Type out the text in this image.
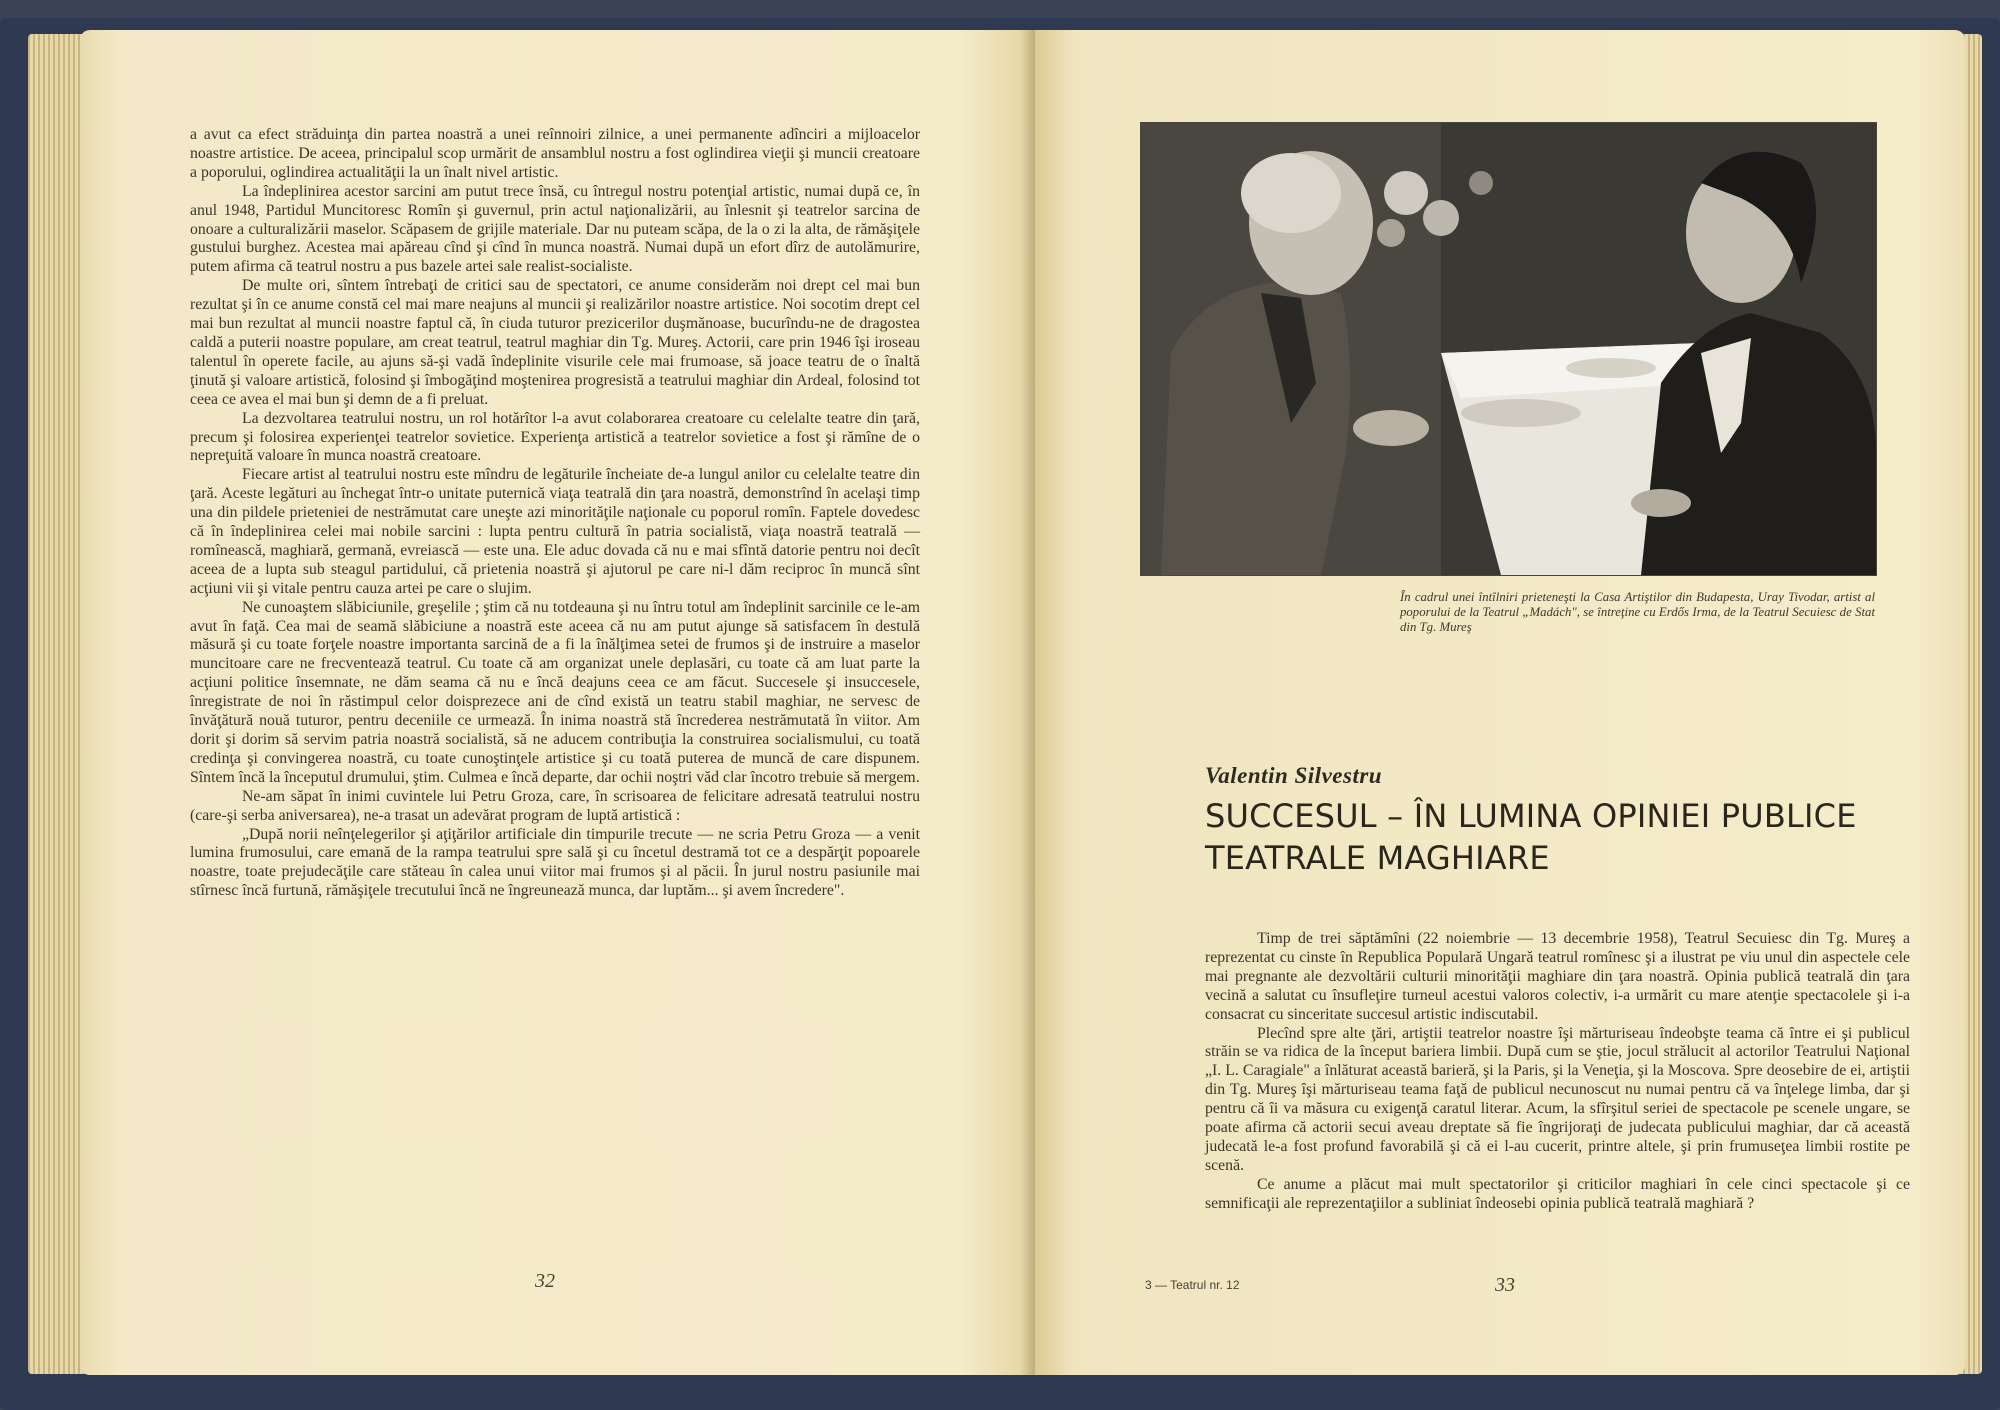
a avut ca efect străduinţa din partea noastră a unei reînnoiri zilnice, a unei permanente adînciri a mijloacelor noastre artistice. De aceea, principalul scop urmărit de ansamblul nostru a fost oglindirea vieţii şi muncii creatoare a poporului, oglindirea actualităţii la un înalt nivel artistic.

La îndeplinirea acestor sarcini am putut trece însă, cu întregul nostru potenţial artistic, numai după ce, în anul 1948, Partidul Muncitoresc Romîn şi guvernul, prin actul naţionalizării, au înlesnit şi teatrelor sarcina de onoare a culturalizării maselor. Scăpasem de grijile materiale. Dar nu puteam scăpa, de la o zi la alta, de rămăşiţele gustului burghez. Acestea mai apăreau cînd şi cînd în munca noastră. Numai după un efort dîrz de autolămurire, putem afirma că teatrul nostru a pus bazele artei sale realist-socialiste.

De multe ori, sîntem întrebaţi de critici sau de spectatori, ce anume considerăm noi drept cel mai bun rezultat şi în ce anume constă cel mai mare neajuns al muncii şi realizărilor noastre artistice. Noi socotim drept cel mai bun rezultat al muncii noastre faptul că, în ciuda tuturor prezicerilor duşmănoase, bucurîndu-ne de dragostea caldă a puterii noastre populare, am creat teatrul, teatrul maghiar din Tg. Mureş. Actorii, care prin 1946 îşi iroseau talentul în operete facile, au ajuns să-şi vadă îndeplinite visurile cele mai frumoase, să joace teatru de o înaltă ţinută şi valoare artistică, folosind şi îmbogăţind moştenirea progresistă a teatrului maghiar din Ardeal, folosind tot ceea ce avea el mai bun şi demn de a fi preluat.

La dezvoltarea teatrului nostru, un rol hotărîtor l-a avut colaborarea creatoare cu celelalte teatre din ţară, precum şi folosirea experienţei teatrelor sovietice. Experienţa artistică a teatrelor sovietice a fost şi rămîne de o nepreţuită valoare în munca noastră creatoare.

Fiecare artist al teatrului nostru este mîndru de legăturile încheiate de-a lungul anilor cu celelalte teatre din ţară. Aceste legături au închegat într-o unitate puternică viaţa teatrală din ţara noastră, demonstrînd în acelaşi timp una din pildele prieteniei de nestrămutat care uneşte azi minorităţile naţionale cu poporul romîn. Faptele dovedesc că în îndeplinirea celei mai nobile sarcini : lupta pentru cultură în patria socialistă, viaţa noastră teatrală — romînească, maghiară, germană, evreiască — este una. Ele aduc dovada că nu e mai sfîntă datorie pentru noi decît aceea de a lupta sub steagul partidului, că prietenia noastră şi ajutorul pe care ni-l dăm reciproc în muncă sînt acţiuni vii şi vitale pentru cauza artei pe care o slujim.

Ne cunoaştem slăbiciunile, greşelile ; ştim că nu totdeauna şi nu întru totul am îndeplinit sarcinile ce le-am avut în faţă. Cea mai de seamă slăbiciune a noastră este aceea că nu am putut ajunge să satisfacem în destulă măsură şi cu toate forţele noastre importanta sarcină de a fi la înălţimea setei de frumos şi de instruire a maselor muncitoare care ne frecventează teatrul. Cu toate că am organizat unele deplasări, cu toate că am luat parte la acţiuni politice însemnate, ne dăm seama că nu e încă deajuns ceea ce am făcut. Succesele şi insuccesele, înregistrate de noi în răstimpul celor doisprezece ani de cînd există un teatru stabil maghiar, ne servesc de învăţătură nouă tuturor, pentru deceniile ce urmează. În inima noastră stă încrederea nestrămutată în viitor. Am dorit şi dorim să servim patria noastră socialistă, să ne aducem contribuţia la construirea socialismului, cu toată credinţa şi convingerea noastră, cu toate cunoştinţele artistice şi cu toată puterea de muncă de care dispunem. Sîntem încă la începutul drumului, ştim. Culmea e încă departe, dar ochii noştri văd clar încotro trebuie să mergem.

Ne-am săpat în inimi cuvintele lui Petru Groza, care, în scrisoarea de felicitare adresată teatrului nostru (care-şi serba aniversarea), ne-a trasat un adevărat program de luptă artistică :

„După norii neînţelegerilor şi aţiţărilor artificiale din timpurile trecute — ne scria Petru Groza — a venit lumina frumosului, care emană de la rampa teatrului spre sală şi cu încetul destramă tot ce a despărţit popoarele noastre, toate prejudecăţile care stăteau în calea unui viitor mai frumos şi al păcii. În jurul nostru pasiunile mai stîrnesc încă furtună, rămăşiţele trecutului încă ne îngreunează munca, dar luptăm... şi avem încredere".

32
În cadrul unei întîlniri prieteneşti la Casa Artiştilor din Budapesta, Uray Tivodar, artist al poporului de la Teatrul „Madách", se întreţine cu Erdős Irma, de la Teatrul Secuiesc de Stat din Tg. Mureş
Valentin Silvestru
SUCCESUL – ÎN LUMINA OPINIEI PUBLICE TEATRALE MAGHIARE

Timp de trei săptămîni (22 noiembrie — 13 decembrie 1958), Teatrul Secuiesc din Tg. Mureş a reprezentat cu cinste în Republica Populară Ungară teatrul romînesc şi a ilustrat pe viu unul din aspectele cele mai pregnante ale dezvoltării culturii minorităţii maghiare din ţara noastră. Opinia publică teatrală din ţara vecină a salutat cu însufleţire turneul acestui valoros colectiv, i-a urmărit cu mare atenţie spectacolele şi i-a consacrat cu sinceritate succesul artistic indiscutabil.

Plecînd spre alte ţări, artiştii teatrelor noastre îşi mărturiseau îndeobşte teama că între ei şi publicul străin se va ridica de la început bariera limbii. După cum se ştie, jocul strălucit al actorilor Teatrului Naţional „I. L. Caragiale" a înlăturat această barieră, şi la Paris, şi la Veneţia, şi la Moscova. Spre deosebire de ei, artiştii din Tg. Mureş îşi mărturiseau teama faţă de publicul necunoscut nu numai pentru că va înţelege limba, dar şi pentru că îi va măsura cu exigenţă caratul literar. Acum, la sfîrşitul seriei de spectacole pe scenele ungare, se poate afirma că actorii secui aveau dreptate să fie îngrijoraţi de judecata publicului maghiar, dar că această judecată le-a fost profund favorabilă şi că ei l-au cucerit, printre altele, şi prin frumuseţea limbii rostite pe scenă.

Ce anume a plăcut mai mult spectatorilor şi criticilor maghiari în cele cinci spectacole şi ce semnificaţii ale reprezentaţiilor a subliniat îndeosebi opinia publică teatrală maghiară ?

3 — Teatrul nr. 12	33
